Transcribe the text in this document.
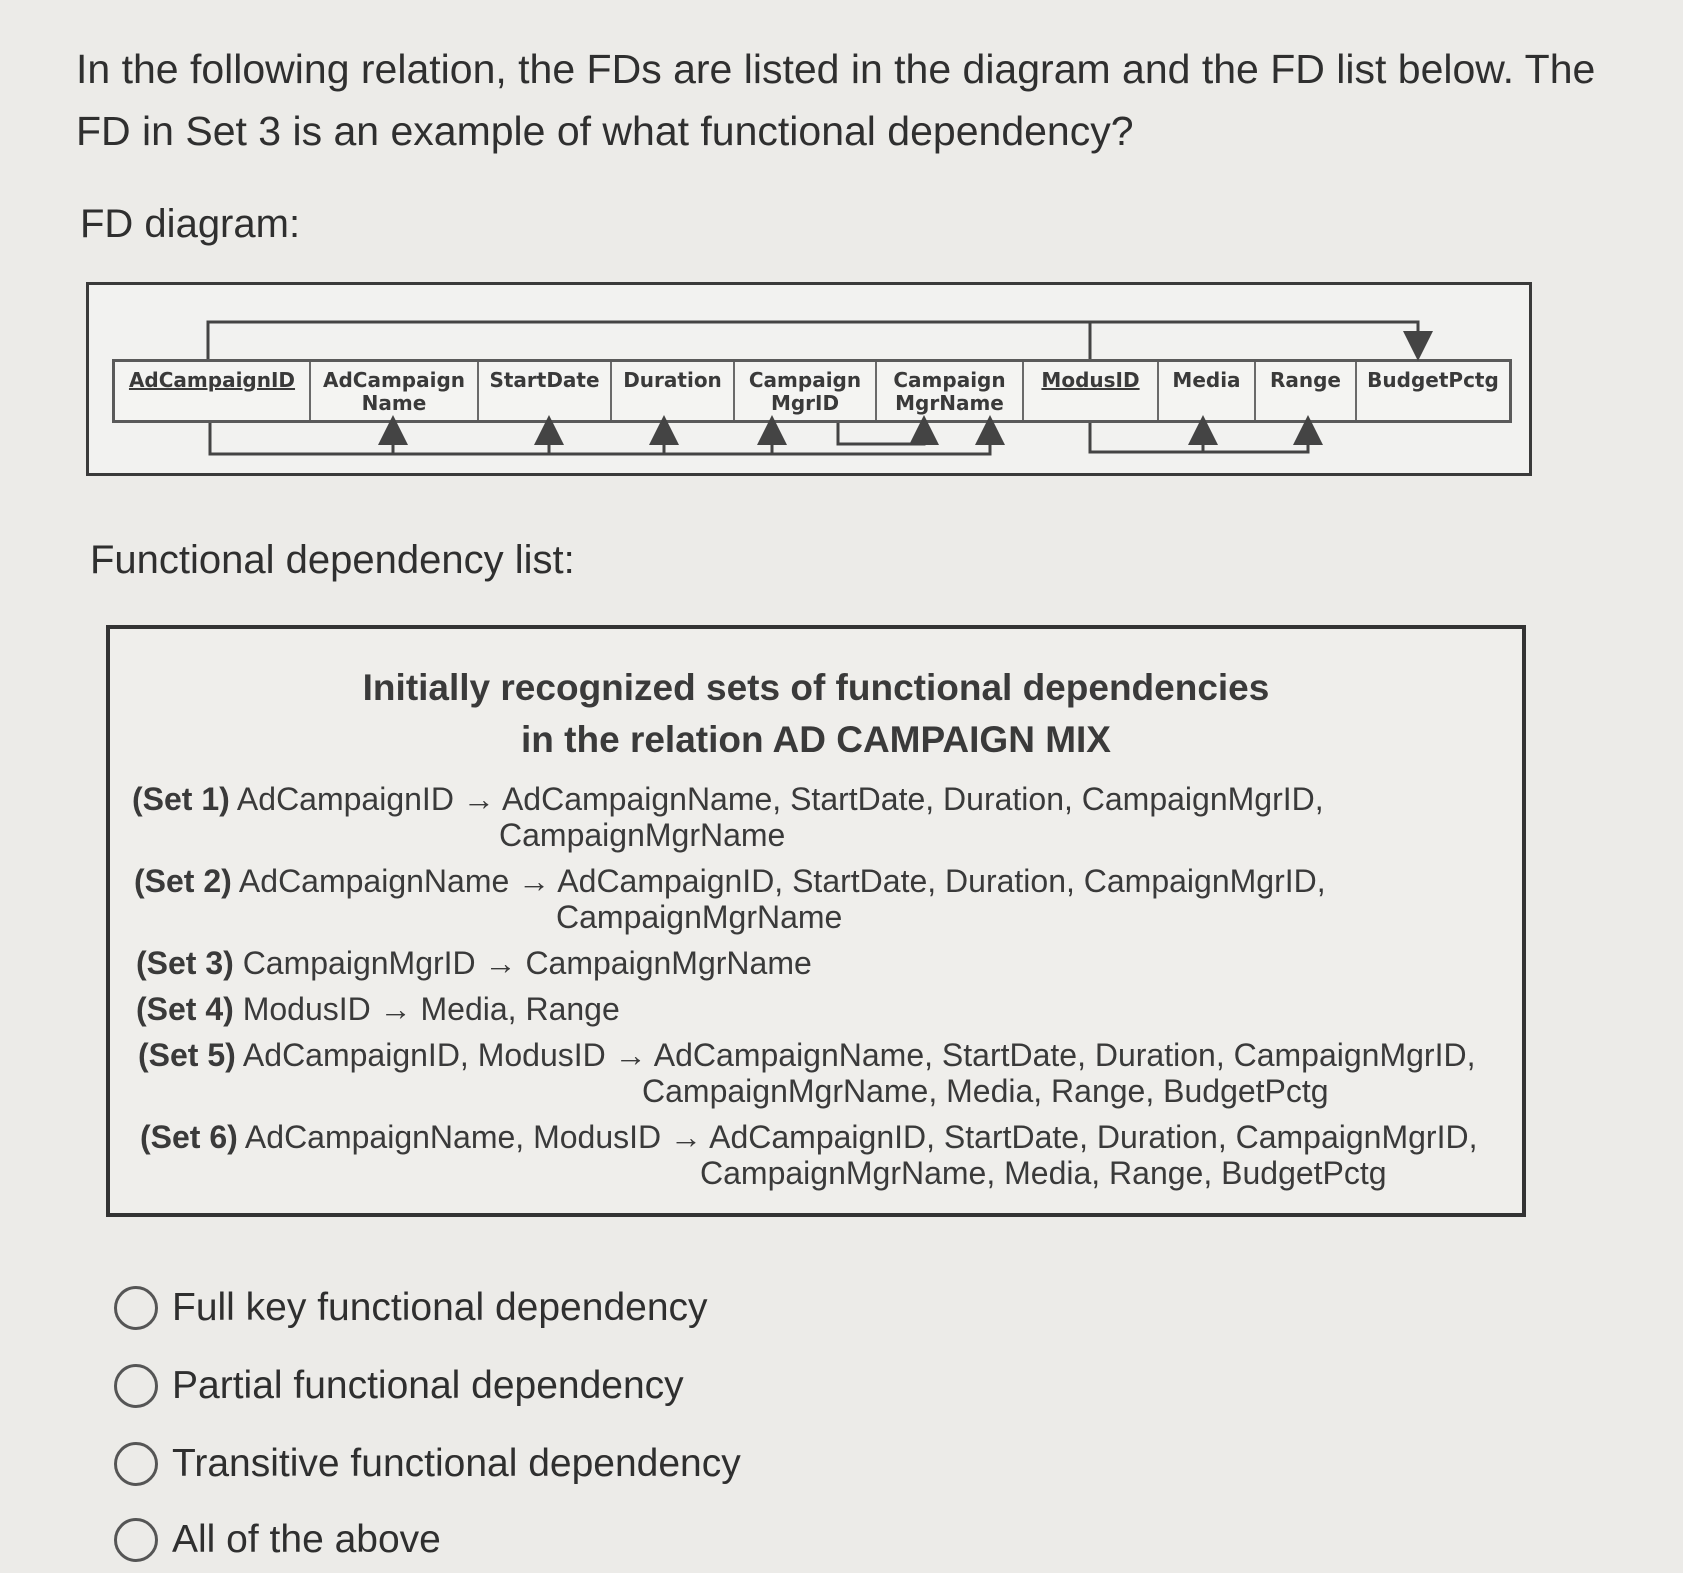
In the following relation, the FDs are listed in the diagram and the FD list below. The FD in Set 3 is an example of what functional dependency?
FD diagram:
AdCampaignID AdCampaign
Name
StartDate Duration Campaign
MgrID
Campaign
MgrName
ModusID Media Range BudgetPctg
Functional dependency list:
Initially recognized sets of functional dependencies
in the relation AD CAMPAIGN MIX
(Set 1) AdCampaignID → AdCampaignName, StartDate, Duration, CampaignMgrID,
CampaignMgrName
(Set 2) AdCampaignName → AdCampaignID, StartDate, Duration, CampaignMgrID,
CampaignMgrName
(Set 3) CampaignMgrID → CampaignMgrName
(Set 4) ModusID → Media, Range
(Set 5) AdCampaignID, ModusID → AdCampaignName, StartDate, Duration, CampaignMgrID,
CampaignMgrName, Media, Range, BudgetPctg
(Set 6) AdCampaignName, ModusID → AdCampaignID, StartDate, Duration, CampaignMgrID,
CampaignMgrName, Media, Range, BudgetPctg
Full key functional dependency
Partial functional dependency
Transitive functional dependency
All of the above
